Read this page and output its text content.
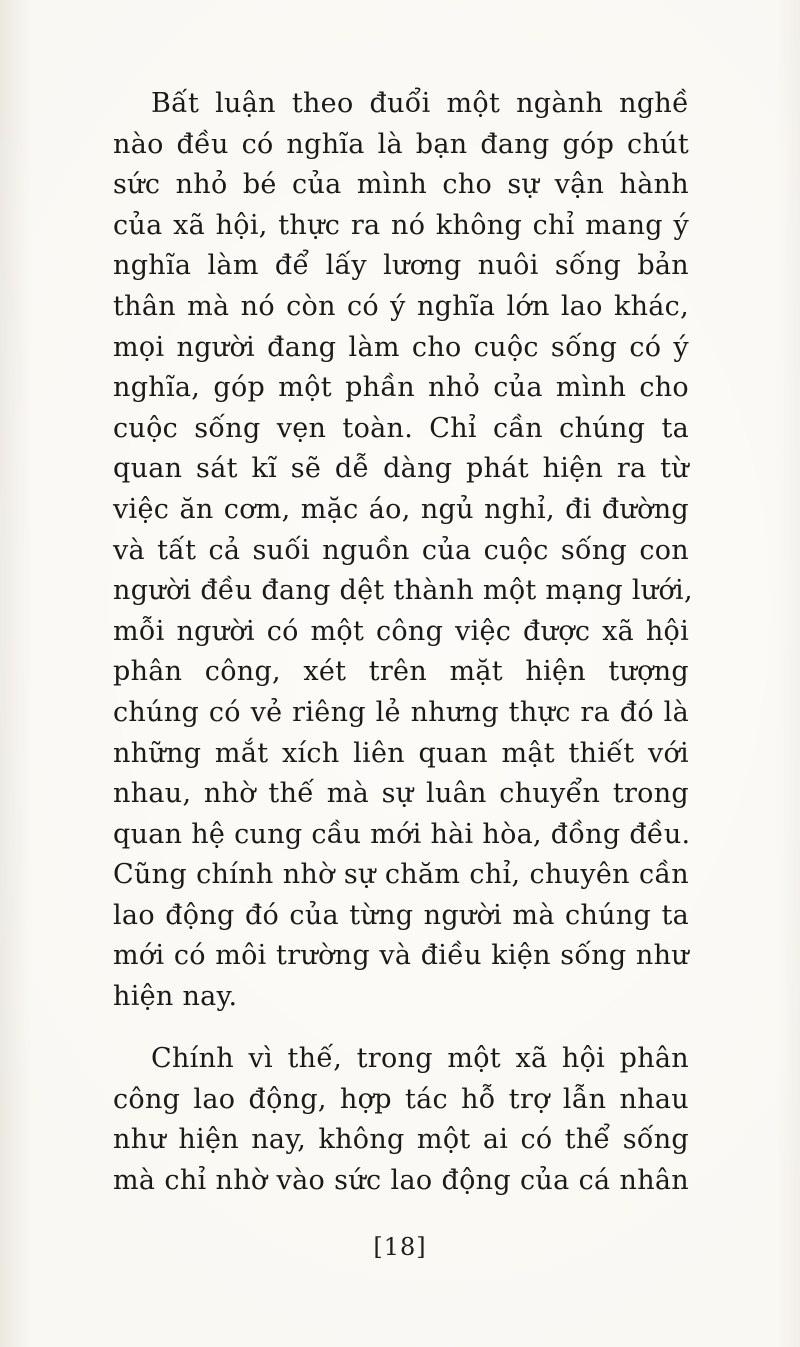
Bất luận theo đuổi một ngành nghề
nào đều có nghĩa là bạn đang góp chút
sức nhỏ bé của mình cho sự vận hành
của xã hội, thực ra nó không chỉ mang ý
nghĩa làm để lấy lương nuôi sống bản
thân mà nó còn có ý nghĩa lớn lao khác,
mọi người đang làm cho cuộc sống có ý
nghĩa, góp một phần nhỏ của mình cho
cuộc sống vẹn toàn. Chỉ cần chúng ta
quan sát kĩ sẽ dễ dàng phát hiện ra từ
việc ăn cơm, mặc áo, ngủ nghỉ, đi đường
và tất cả suối nguồn của cuộc sống con
người đều đang dệt thành một mạng lưới,
mỗi người có một công việc được xã hội
phân công, xét trên mặt hiện tượng
chúng có vẻ riêng lẻ nhưng thực ra đó là
những mắt xích liên quan mật thiết với
nhau, nhờ thế mà sự luân chuyển trong
quan hệ cung cầu mới hài hòa, đồng đều.
Cũng chính nhờ sự chăm chỉ, chuyên cần
lao động đó của từng người mà chúng ta
mới có môi trường và điều kiện sống như
hiện nay.
Chính vì thế, trong một xã hội phân
công lao động, hợp tác hỗ trợ lẫn nhau
như hiện nay, không một ai có thể sống
mà chỉ nhờ vào sức lao động của cá nhân
[18]
